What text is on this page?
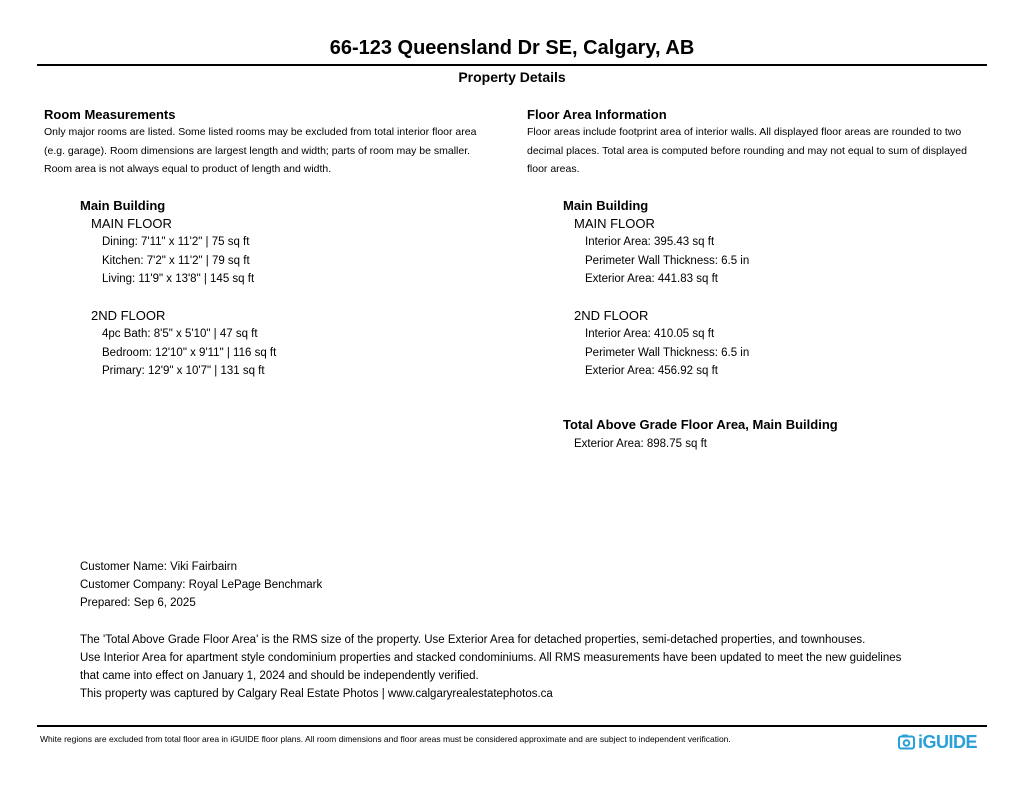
66-123 Queensland Dr SE, Calgary, AB
Property Details
Room Measurements
Only major rooms are listed. Some listed rooms may be excluded from total interior floor area
(e.g. garage). Room dimensions are largest length and width; parts of room may be smaller.
Room area is not always equal to product of length and width.
Main Building
MAIN FLOOR
Dining: 7'11" x 11'2" | 75 sq ft
Kitchen: 7'2" x 11'2" | 79 sq ft
Living: 11'9" x 13'8" | 145 sq ft
2ND FLOOR
4pc Bath: 8'5" x 5'10" | 47 sq ft
Bedroom: 12'10" x 9'11" | 116 sq ft
Primary: 12'9" x 10'7" | 131 sq ft
Floor Area Information
Floor areas include footprint area of interior walls. All displayed floor areas are rounded to two
decimal places. Total area is computed before rounding and may not equal to sum of displayed
floor areas.
Main Building
MAIN FLOOR
Interior Area: 395.43 sq ft
Perimeter Wall Thickness: 6.5 in
Exterior Area: 441.83 sq ft
2ND FLOOR
Interior Area: 410.05 sq ft
Perimeter Wall Thickness: 6.5 in
Exterior Area: 456.92 sq ft
Total Above Grade Floor Area, Main Building
Exterior Area: 898.75 sq ft
Customer Name: Viki Fairbairn
Customer Company: Royal LePage Benchmark
Prepared: Sep 6, 2025
The 'Total Above Grade Floor Area' is the RMS size of the property. Use Exterior Area for detached properties, semi-detached properties, and townhouses.
Use Interior Area for apartment style condominium properties and stacked condominiums. All RMS measurements have been updated to meet the new guidelines
that came into effect on January 1, 2024 and should be independently verified.
This property was captured by Calgary Real Estate Photos | www.calgaryrealestatephotos.ca
White regions are excluded from total floor area in iGUIDE floor plans. All room dimensions and floor areas must be considered approximate and are subject to independent verification.	iGUIDE
